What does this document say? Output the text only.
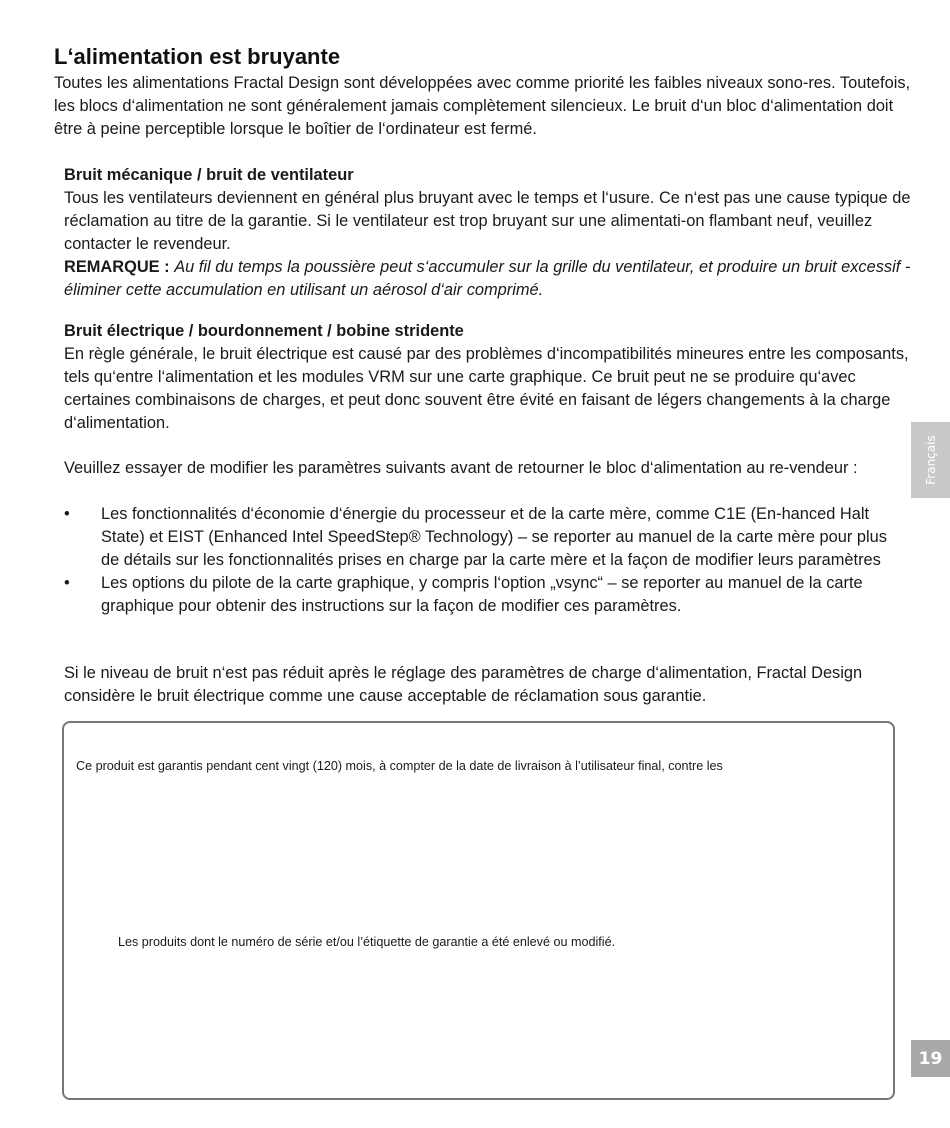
L‘alimentation est bruyante

Toutes les alimentations Fractal Design sont développées avec comme priorité les faibles niveaux sono-res. Toutefois, les blocs d‘alimentation ne sont généralement jamais complètement silencieux. Le bruit d‘un bloc d‘alimentation doit être à peine perceptible lorsque le boîtier de l‘ordinateur est fermé.

Bruit mécanique / bruit de ventilateur
Tous les ventilateurs deviennent en général plus bruyant avec le temps et l‘usure. Ce n‘est pas une cause typique de réclamation au titre de la garantie. Si le ventilateur est trop bruyant sur une alimentati-on flambant neuf, veuillez contacter le revendeur.
REMARQUE : Au fil du temps la poussière peut s‘accumuler sur la grille du ventilateur, et produire un bruit excessif - éliminer cette accumulation en utilisant un aérosol d‘air comprimé.

Bruit électrique / bourdonnement / bobine stridente
En règle générale, le bruit électrique est causé par des problèmes d‘incompatibilités mineures entre les composants, tels qu‘entre l‘alimentation et les modules VRM sur une carte graphique. Ce bruit peut ne se produire qu‘avec certaines combinaisons de charges, et peut donc souvent être évité en faisant de légers changements à la charge d‘alimentation.

Veuillez essayer de modifier les paramètres suivants avant de retourner le bloc d‘alimentation au re-vendeur :

• Les fonctionnalités d‘économie d‘énergie du processeur et de la carte mère, comme C1E (En-hanced Halt State) et EIST (Enhanced Intel SpeedStep® Technology) – se reporter au manuel de la carte mère pour plus de détails sur les fonctionnalités prises en charge par la carte mère et la façon de modifier leurs paramètres
• Les options du pilote de la carte graphique, y compris l‘option „vsync“ – se reporter au manuel de la carte graphique pour obtenir des instructions sur la façon de modifier ces paramètres.

Si le niveau de bruit n‘est pas réduit après le réglage des paramètres de charge d‘alimentation, Fractal Design considère le bruit électrique comme une cause acceptable de réclamation sous garantie.

Ce produit est garantis pendant cent vingt (120) mois, à compter de la date de livraison à l’utilisateur final, contre les
Les produits dont le numéro de série et/ou l’étiquette de garantie a été enlevé ou modifié.
Français
19
